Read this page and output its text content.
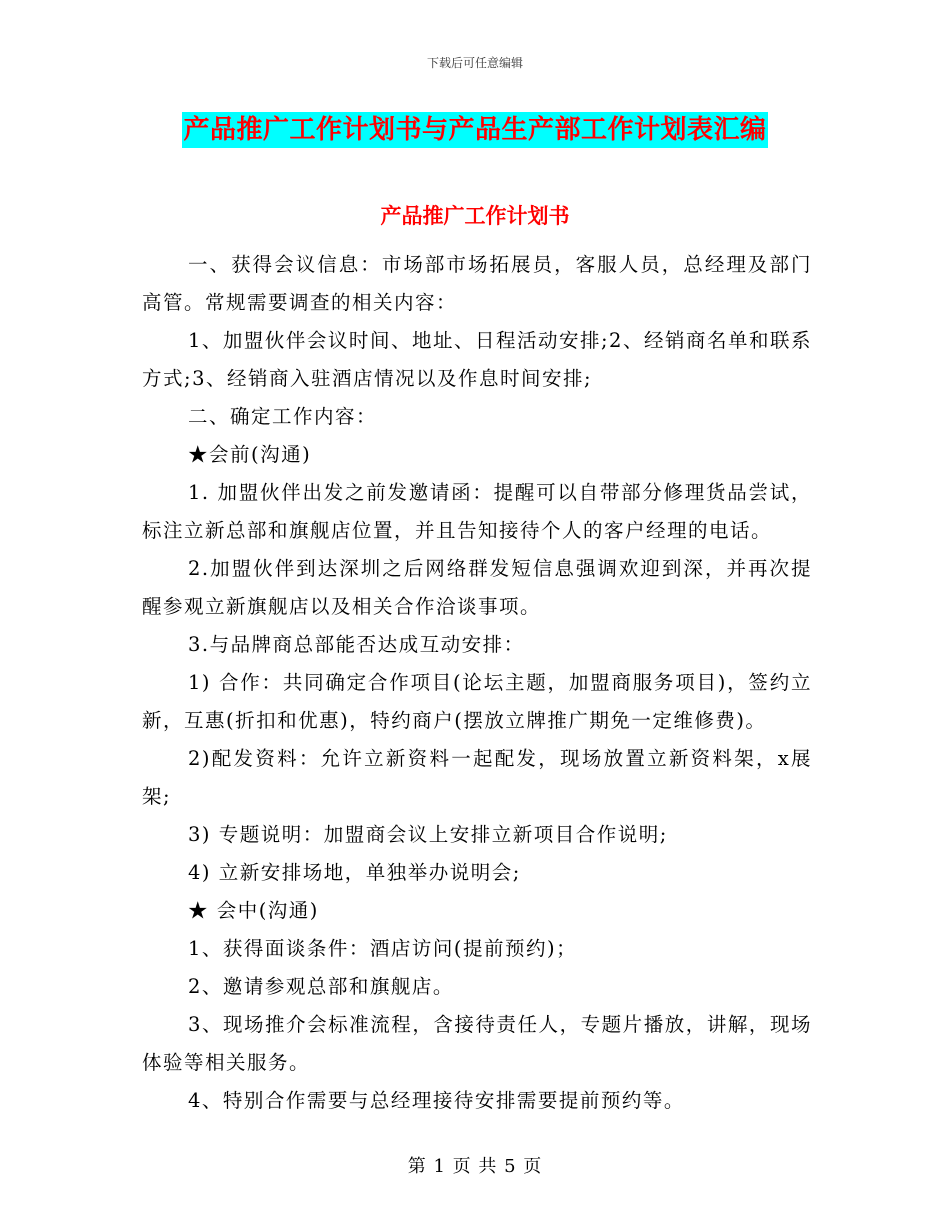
下载后可任意编辑
产品推广工作计划书与产品生产部工作计划表汇编
产品推广工作计划书

一、获得会议信息：市场部市场拓展员，客服人员，总经理及部门高管。常规需要调查的相关内容：

1、加盟伙伴会议时间、地址、日程活动安排;2、经销商名单和联系方式;3、经销商入驻酒店情况以及作息时间安排;

二、确定工作内容：

★会前(沟通)

1. 加盟伙伴出发之前发邀请函：提醒可以自带部分修理货品尝试，标注立新总部和旗舰店位置，并且告知接待个人的客户经理的电话。

2.加盟伙伴到达深圳之后网络群发短信息强调欢迎到深，并再次提醒参观立新旗舰店以及相关合作洽谈事项。

3.与品牌商总部能否达成互动安排：

1) 合作：共同确定合作项目(论坛主题，加盟商服务项目)，签约立新，互惠(折扣和优惠)，特约商户(摆放立牌推广期免一定维修费)。

2)配发资料：允许立新资料一起配发，现场放置立新资料架，x展架;

3) 专题说明：加盟商会议上安排立新项目合作说明;

4) 立新安排场地，单独举办说明会;

★ 会中(沟通)

1、获得面谈条件：酒店访问(提前预约)；

2、邀请参观总部和旗舰店。

3、现场推介会标准流程，含接待责任人，专题片播放，讲解，现场体验等相关服务。

4、特别合作需要与总经理接待安排需要提前预约等。

第 1 页 共 5 页
